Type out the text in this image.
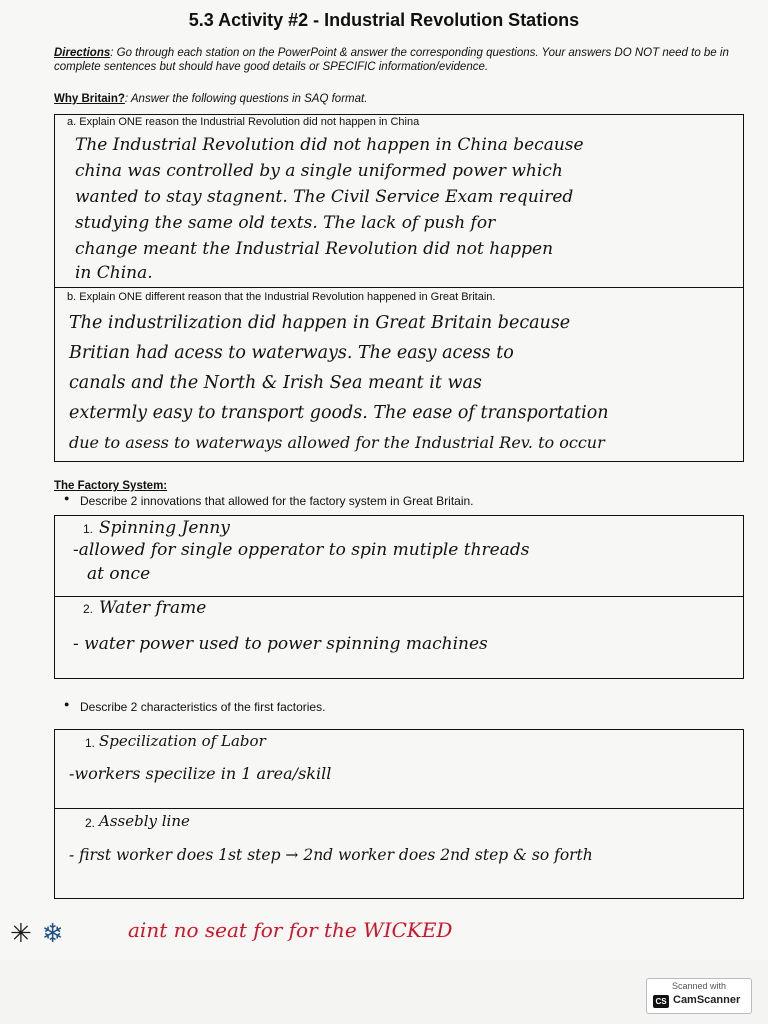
5.3 Activity #2 - Industrial Revolution Stations
Directions: Go through each station on the PowerPoint & answer the corresponding questions. Your answers DO NOT need to be in complete sentences but should have good details or SPECIFIC information/evidence.
Why Britain?: Answer the following questions in SAQ format.
a. Explain ONE reason the Industrial Revolution did not happen in China
The Industrial Revolution did not happen in China because
china was controlled by a single uniformed power which
wanted to stay stagnent. The Civil Service Exam required
studying the same old texts. The lack of push for
change meant the Industrial Revolution did not happen
in China.
b. Explain ONE different reason that the Industrial Revolution happened in Great Britain.
The industrilization did happen in Great Britain because
Britian had acess to waterways. The easy acess to
canals and the North & Irish Sea meant it was
extermly easy to transport goods. The ease of transportation
due to asess to waterways allowed for the Industrial Rev. to occur
The Factory System:
● Describe 2 innovations that allowed for the factory system in Great Britain.
1. Spinning Jenny
-allowed for single opperator to spin mutiple threads
at once
2. Water frame
- water power used to power spinning machines
● Describe 2 characteristics of the first factories.
1. Specilization of Labor
-workers specilize in 1 area/skill
2. Assebly line
- first worker does 1st step → 2nd worker does 2nd step & so forth
✳ ❄	aint no seat for for the WICKED
Scanned with
CS CamScanner
